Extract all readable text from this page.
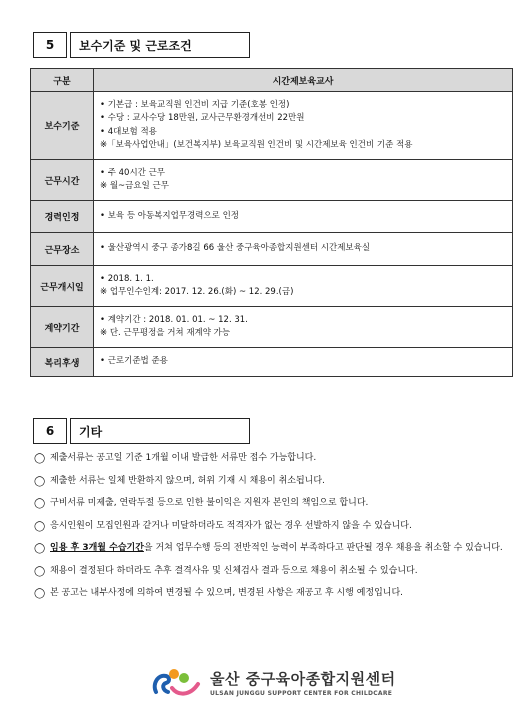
5	보수기준 및 근로조건
구분	시간제보육교사
보수기준	• 기본급 : 보육교직원 인건비 지급 기준(호봉 인정)
• 수당 : 교사수당 18만원, 교사근무환경개선비 22만원
• 4대보험 적용
※「보육사업안내」(보건복지부) 보육교직원 인건비 및 시간제보육 인건비 기준 적용

근무시간	• 주 40시간 근무
※ 월~금요일 근무

경력인정	• 보육 등 아동복지업무경력으로 인정

근무장소	• 울산광역시 중구 종가8길 66 울산 중구육아종합지원센터 시간제보육실

근무개시일	• 2018. 1. 1.
※ 업무인수인계: 2017. 12. 26.(화) ~ 12. 29.(금)

계약기간	• 계약기간 : 2018. 01. 01. ~ 12. 31.
※ 단. 근무평정을 거쳐 재계약 가능

복리후생	• 근로기준법 준용
6	기타
◯ 제출서류는 공고일 기준 1개월 이내 발급한 서류만 접수 가능합니다.
◯ 제출한 서류는 일체 반환하지 않으며, 허위 기재 시 채용이 취소됩니다.
◯ 구비서류 미제출, 연락두절 등으로 인한 불이익은 지원자 본인의 책임으로 합니다.
◯ 응시인원이 모집인원과 같거나 미달하더라도 적격자가 없는 경우 선발하지 않을 수 있습니다.
◯ 임용 후 3개월 수습기간을 거쳐 업무수행 등의 전반적인 능력이 부족하다고 판단될 경우 채용을 취소할 수 있습니다.
◯ 채용이 결정된다 하더라도 추후 결격사유 및 신체검사 결과 등으로 채용이 취소될 수 있습니다.
◯ 본 공고는 내부사정에 의하여 변경될 수 있으며, 변경된 사항은 재공고 후 시행 예정입니다.
울산 중구육아종합지원센터
ULSAN JUNGGU SUPPORT CENTER FOR CHILDCARE
